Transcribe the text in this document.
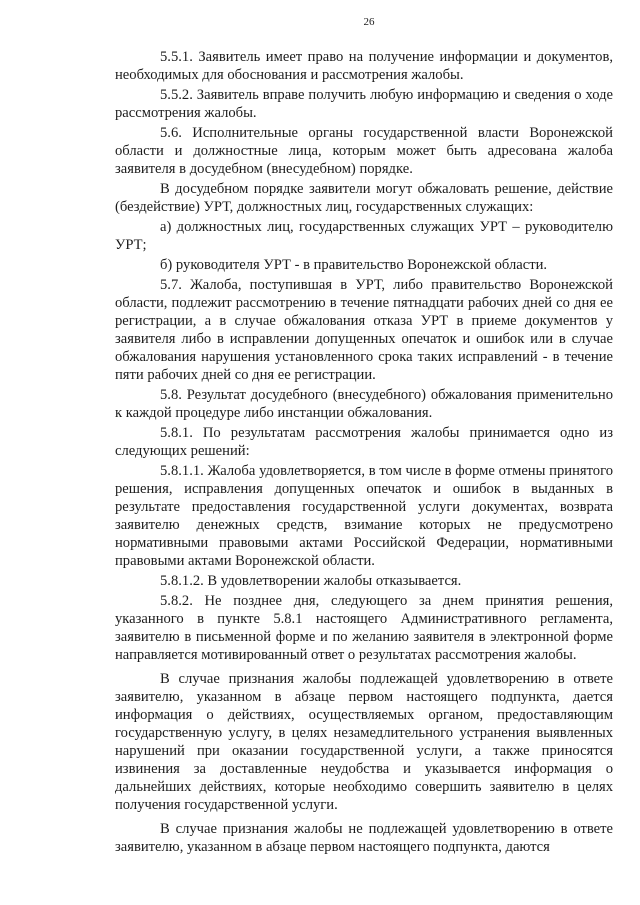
26

5.5.1. Заявитель имеет право на получение информации и документов, необходимых для обоснования и рассмотрения жалобы.

5.5.2. Заявитель вправе получить любую информацию и сведения о ходе рассмотрения жалобы.

5.6. Исполнительные органы государственной власти Воронежской области и должностные лица, которым может быть адресована жалоба заявителя в досудебном (внесудебном) порядке.

В досудебном порядке заявители могут обжаловать решение, действие (бездействие) УРТ, должностных лиц, государственных служащих:

а) должностных лиц, государственных служащих УРТ – руководителю УРТ;

б) руководителя УРТ - в правительство Воронежской области.

5.7. Жалоба, поступившая в УРТ, либо правительство Воронежской области, подлежит рассмотрению в течение пятнадцати рабочих дней со дня ее регистрации, а в случае обжалования отказа УРТ в приеме документов у заявителя либо в исправлении допущенных опечаток и ошибок или в случае обжалования нарушения установленного срока таких исправлений - в течение пяти рабочих дней со дня ее регистрации.

5.8. Результат досудебного (внесудебного) обжалования применительно к каждой процедуре либо инстанции обжалования.

5.8.1. По результатам рассмотрения жалобы принимается одно из следующих решений:

5.8.1.1. Жалоба удовлетворяется, в том числе в форме отмены принятого решения, исправления допущенных опечаток и ошибок в выданных в результате предоставления государственной услуги документах, возврата заявителю денежных средств, взимание которых не предусмотрено нормативными правовыми актами Российской Федерации, нормативными правовыми актами Воронежской области.

5.8.1.2. В удовлетворении жалобы отказывается.

5.8.2. Не позднее дня, следующего за днем принятия решения, указанного в пункте 5.8.1 настоящего Административного регламента, заявителю в письменной форме и по желанию заявителя в электронной форме направляется мотивированный ответ о результатах рассмотрения жалобы.

В случае признания жалобы подлежащей удовлетворению в ответе заявителю, указанном в абзаце первом настоящего подпункта, дается информация о действиях, осуществляемых органом, предоставляющим государственную услугу, в целях незамедлительного устранения выявленных нарушений при оказании государственной услуги, а также приносятся извинения за доставленные неудобства и указывается информация о дальнейших действиях, которые необходимо совершить заявителю в целях получения государственной услуги.

В случае признания жалобы не подлежащей удовлетворению в ответе заявителю, указанном в абзаце первом настоящего подпункта, даются
